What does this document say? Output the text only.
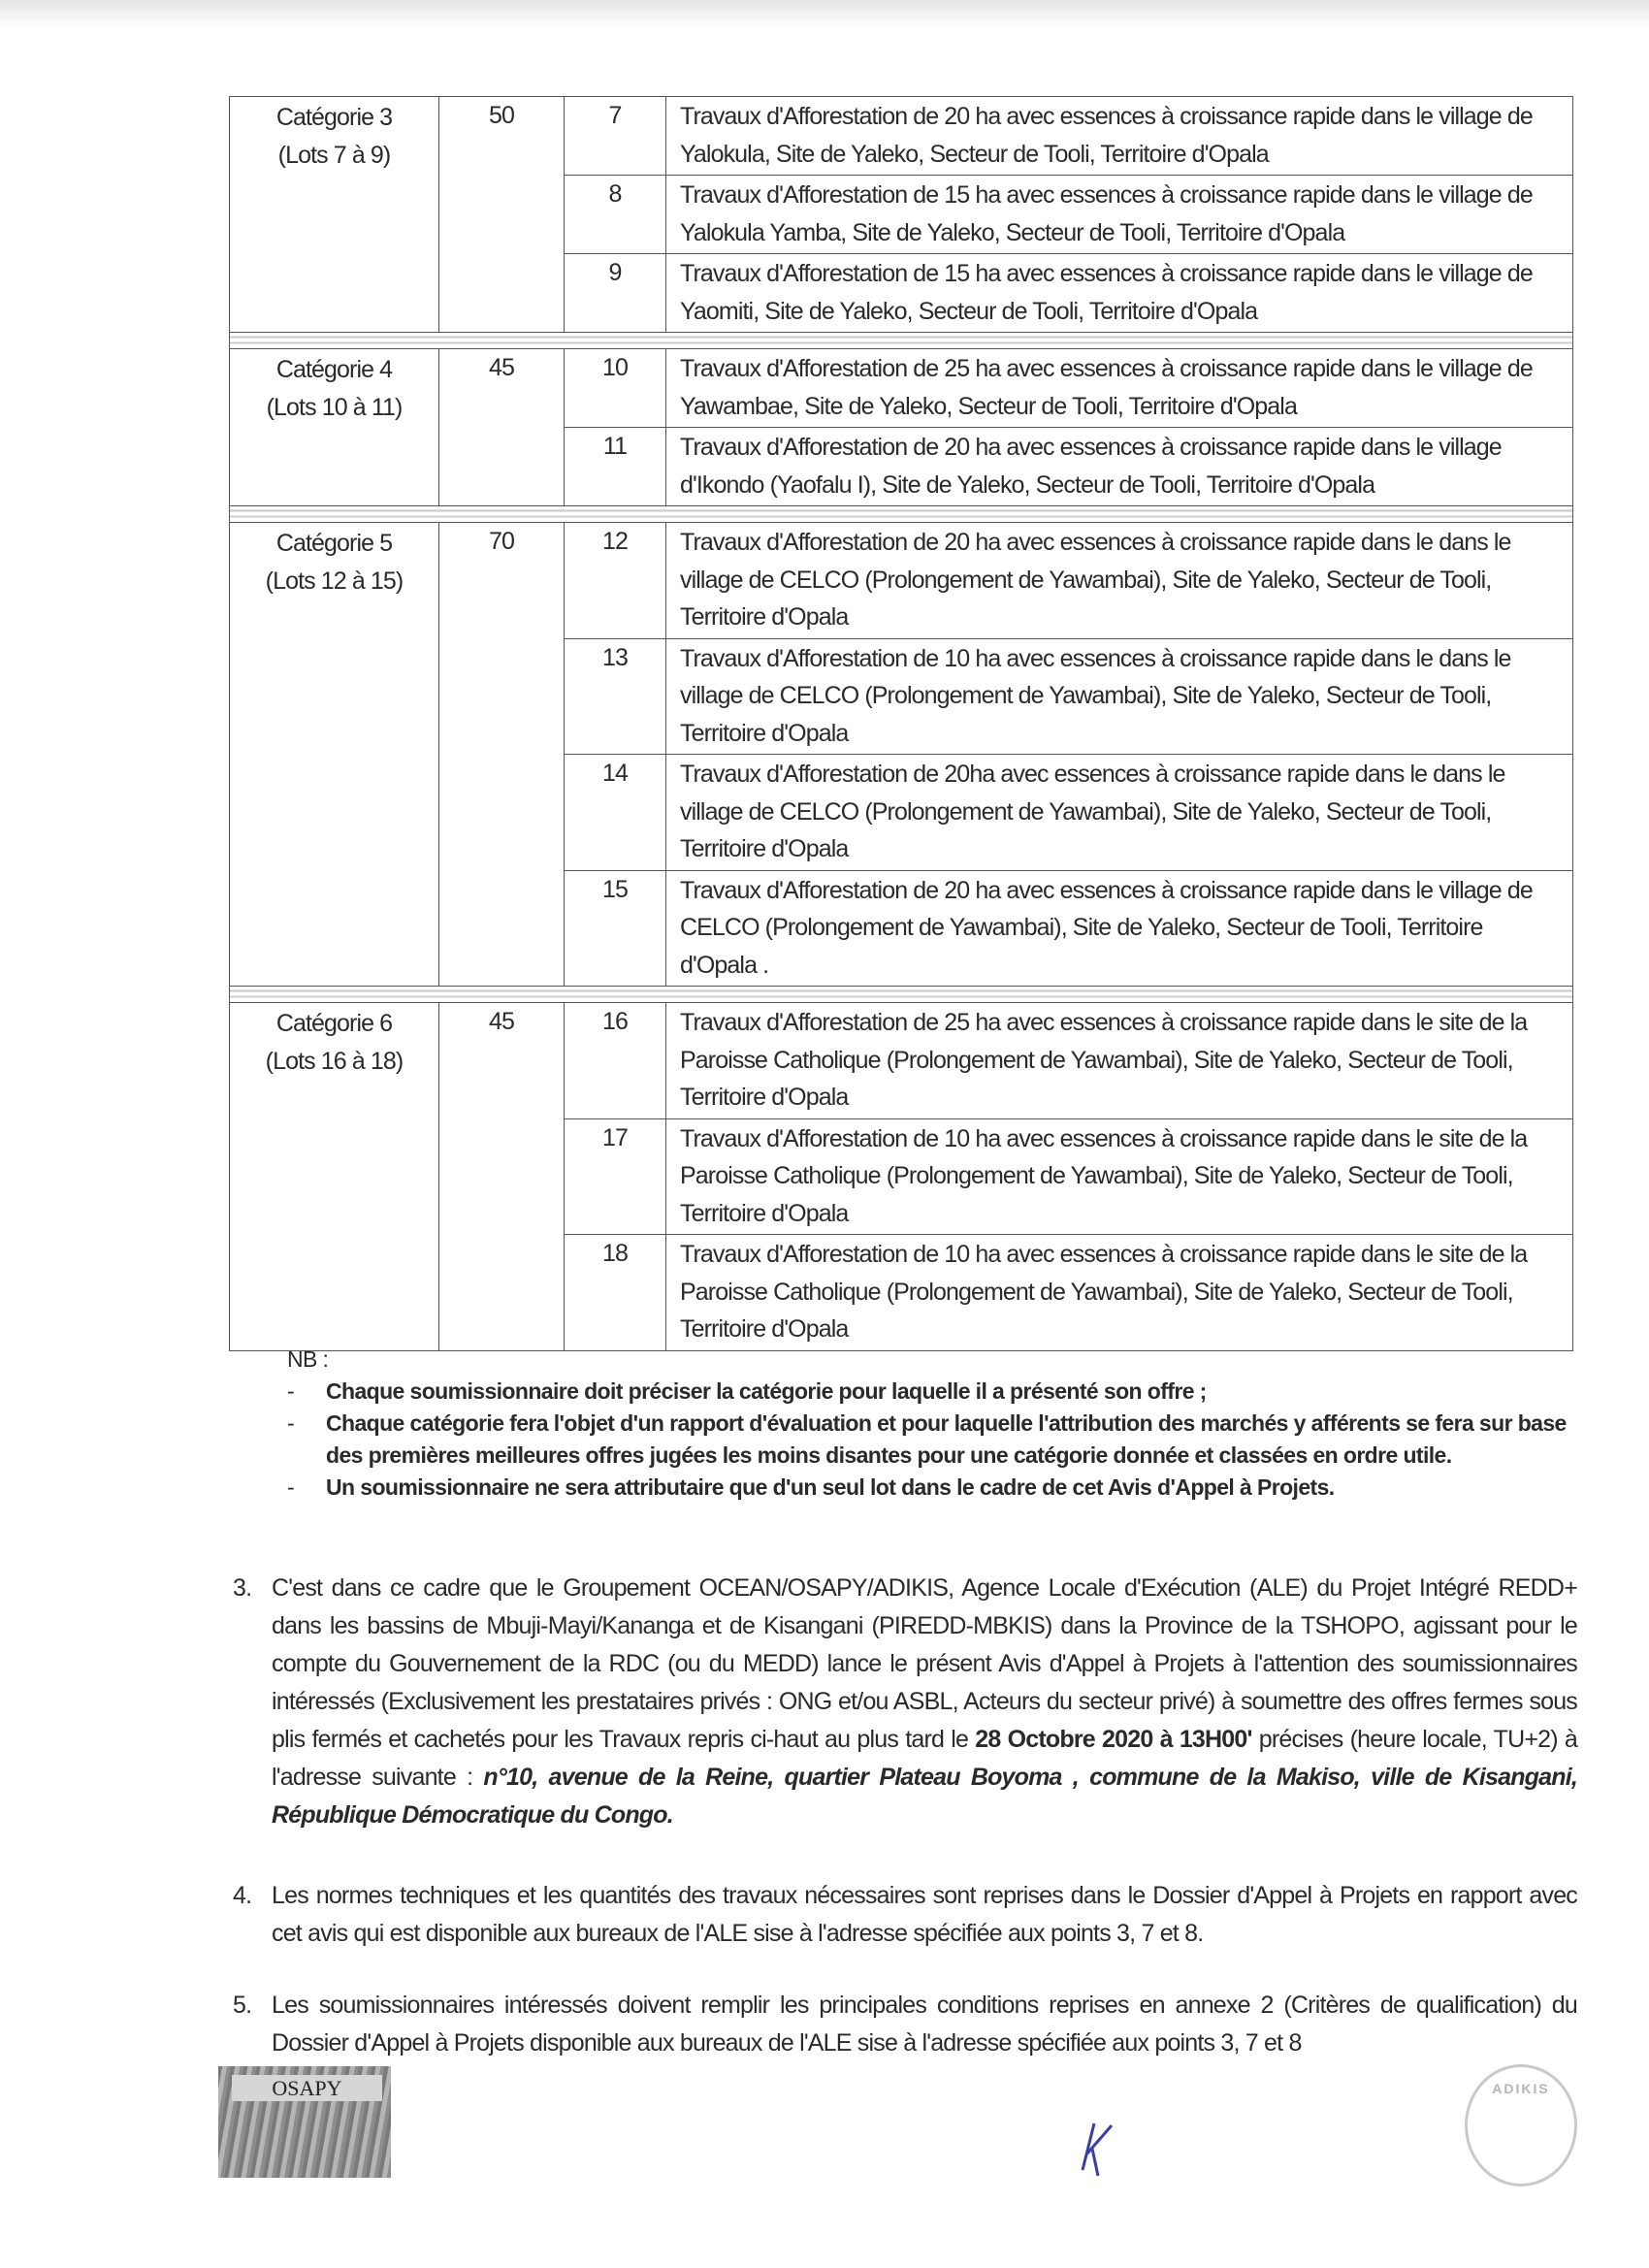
Catégorie 3
(Lots 7 à 9)	50	7	Travaux d'Afforestation de 20 ha avec essences à croissance rapide dans le village de Yalokula, Site de Yaleko, Secteur de Tooli, Territoire d'Opala
		8	Travaux d'Afforestation de 15 ha avec essences à croissance rapide dans le village de Yalokula Yamba, Site de Yaleko, Secteur de Tooli, Territoire d'Opala
		9	Travaux d'Afforestation de 15 ha avec essences à croissance rapide dans le village de Yaomiti, Site de Yaleko, Secteur de Tooli, Territoire d'Opala

Catégorie 4
(Lots 10 à 11)	45	10	Travaux d'Afforestation de 25 ha avec essences à croissance rapide dans le village de Yawambae, Site de Yaleko, Secteur de Tooli, Territoire d'Opala
		11	Travaux d'Afforestation de 20 ha avec essences à croissance rapide dans le village d'Ikondo (Yaofalu I), Site de Yaleko, Secteur de Tooli, Territoire d'Opala

Catégorie 5
(Lots 12 à 15)	70	12	Travaux d'Afforestation de 20 ha avec essences à croissance rapide dans le dans le village de CELCO (Prolongement de Yawambai), Site de Yaleko, Secteur de Tooli, Territoire d'Opala
		13	Travaux d'Afforestation de 10 ha avec essences à croissance rapide dans le dans le village de CELCO (Prolongement de Yawambai), Site de Yaleko, Secteur de Tooli, Territoire d'Opala
		14	Travaux d'Afforestation de 20ha avec essences à croissance rapide dans le dans le village de CELCO (Prolongement de Yawambai), Site de Yaleko, Secteur de Tooli, Territoire d'Opala
		15	Travaux d'Afforestation de 20 ha avec essences à croissance rapide dans le village de CELCO (Prolongement de Yawambai), Site de Yaleko, Secteur de Tooli, Territoire d'Opala .

Catégorie 6
(Lots 16 à 18)	45	16	Travaux d'Afforestation de 25 ha avec essences à croissance rapide dans le site de la Paroisse Catholique (Prolongement de Yawambai), Site de Yaleko, Secteur de Tooli, Territoire d'Opala
		17	Travaux d'Afforestation de 10 ha avec essences à croissance rapide dans le site de la Paroisse Catholique (Prolongement de Yawambai), Site de Yaleko, Secteur de Tooli, Territoire d'Opala
		18	Travaux d'Afforestation de 10 ha avec essences à croissance rapide dans le site de la Paroisse Catholique (Prolongement de Yawambai), Site de Yaleko, Secteur de Tooli, Territoire d'Opala
NB :
- Chaque soumissionnaire doit préciser la catégorie pour laquelle il a présenté son offre ;
- Chaque catégorie fera l'objet d'un rapport d'évaluation et pour laquelle l'attribution des marchés y afférents se fera sur base des premières meilleures offres jugées les moins disantes pour une catégorie donnée et classées en ordre utile.
- Un soumissionnaire ne sera attributaire que d'un seul lot dans le cadre de cet Avis d'Appel à Projets.
3. C'est dans ce cadre que le Groupement OCEAN/OSAPY/ADIKIS, Agence Locale d'Exécution (ALE) du Projet Intégré REDD+ dans les bassins de Mbuji-Mayi/Kananga et de Kisangani (PIREDD-MBKIS) dans la Province de la TSHOPO, agissant pour le compte du Gouvernement de la RDC (ou du MEDD) lance le présent Avis d'Appel à Projets à l'attention des soumissionnaires intéressés (Exclusivement les prestataires privés : ONG et/ou ASBL, Acteurs du secteur privé) à soumettre des offres fermes sous plis fermés et cachetés pour les Travaux repris ci-haut au plus tard le 28 Octobre 2020 à 13H00' précises (heure locale, TU+2) à l'adresse suivante : n°10, avenue de la Reine, quartier Plateau Boyoma , commune de la Makiso, ville de Kisangani, République Démocratique du Congo.
4. Les normes techniques et les quantités des travaux nécessaires sont reprises dans le Dossier d'Appel à Projets en rapport avec cet avis qui est disponible aux bureaux de l'ALE sise à l'adresse spécifiée aux points 3, 7 et 8.
5. Les soumissionnaires intéressés doivent remplir les principales conditions reprises en annexe 2 (Critères de qualification) du Dossier d'Appel à Projets disponible aux bureaux de l'ALE sise à l'adresse spécifiée aux points 3, 7 et 8
OSAPY	ADIKIS
